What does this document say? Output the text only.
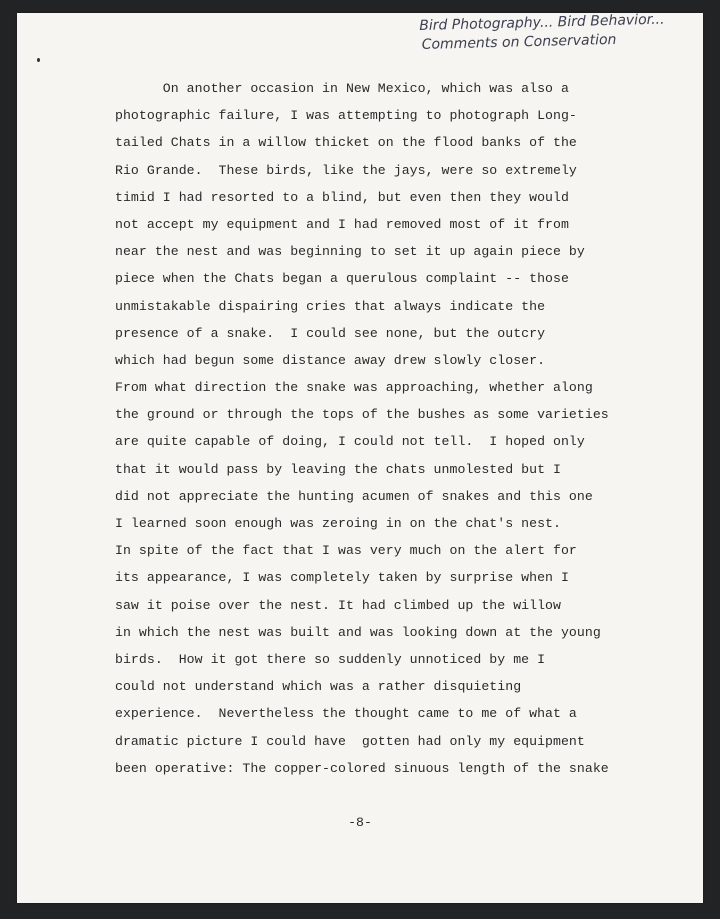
Bird Photography... Bird Behavior...
Comments on Conservation
On another occasion in New Mexico, which was also a
photographic failure, I was attempting to photograph Long-
tailed Chats in a willow thicket on the flood banks of the
Rio Grande.  These birds, like the jays, were so extremely
timid I had resorted to a blind, but even then they would
not accept my equipment and I had removed most of it from
near the nest and was beginning to set it up again piece by
piece when the Chats began a querulous complaint -- those
unmistakable dispairing cries that always indicate the
presence of a snake.  I could see none, but the outcry
which had begun some distance away drew slowly closer.
From what direction the snake was approaching, whether along
the ground or through the tops of the bushes as some varieties
are quite capable of doing, I could not tell.  I hoped only
that it would pass by leaving the chats unmolested but I
did not appreciate the hunting acumen of snakes and this one
I learned soon enough was zeroing in on the chat's nest.
In spite of the fact that I was very much on the alert for
its appearance, I was completely taken by surprise when I
saw it poise over the nest. It had climbed up the willow
in which the nest was built and was looking down at the young
birds.  How it got there so suddenly unnoticed by me I
could not understand which was a rather disquieting
experience.  Nevertheless the thought came to me of what a
dramatic picture I could have  gotten had only my equipment
been operative: The copper-colored sinuous length of the snake
-8-
